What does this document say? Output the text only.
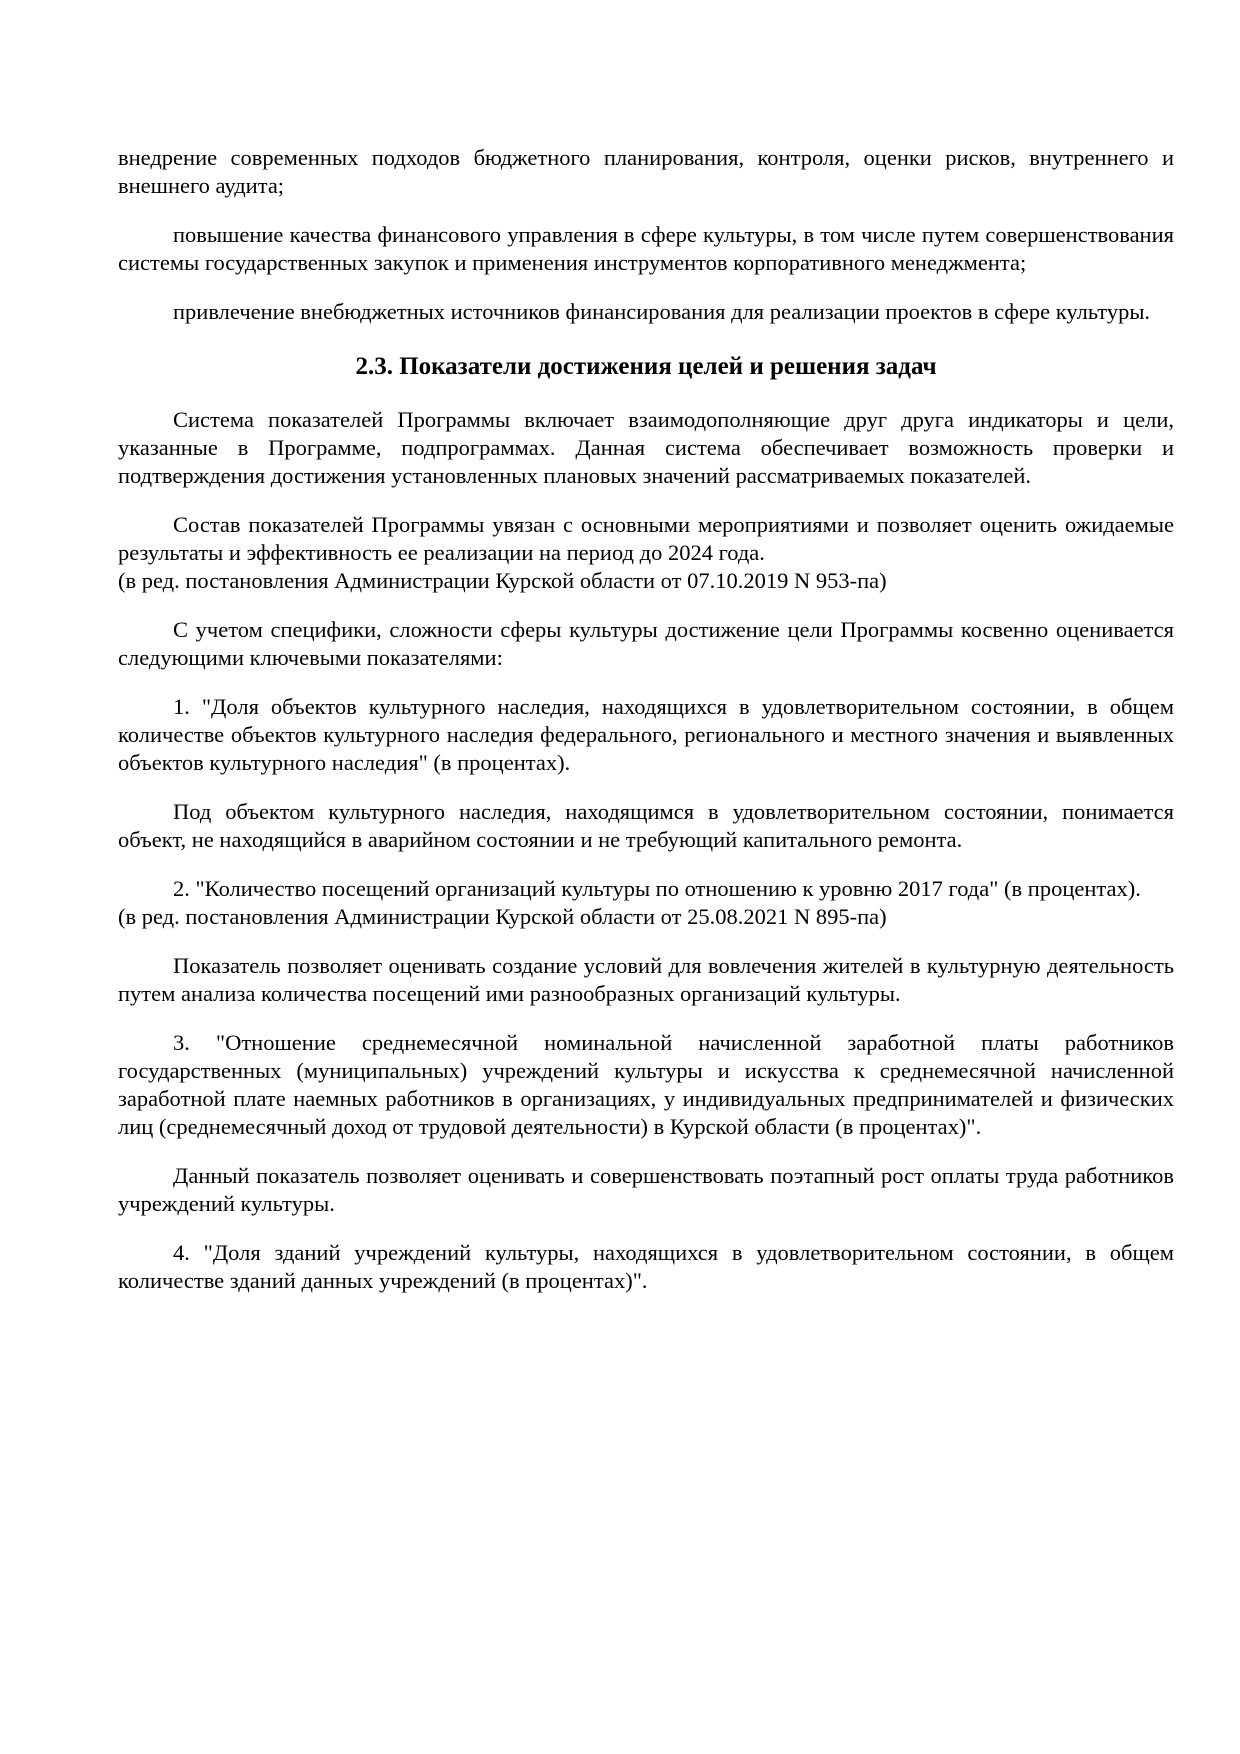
внедрение современных подходов бюджетного планирования, контроля, оценки рисков, внутреннего и внешнего аудита;

повышение качества финансового управления в сфере культуры, в том числе путем совершенствования системы государственных закупок и применения инструментов корпоративного менеджмента;

привлечение внебюджетных источников финансирования для реализации проектов в сфере культуры.

2.3. Показатели достижения целей и решения задач

Система показателей Программы включает взаимодополняющие друг друга индикаторы и цели, указанные в Программе, подпрограммах. Данная система обеспечивает возможность проверки и подтверждения достижения установленных плановых значений рассматриваемых показателей.

Состав показателей Программы увязан с основными мероприятиями и позволяет оценить ожидаемые результаты и эффективность ее реализации на период до 2024 года.

(в ред. постановления Администрации Курской области от 07.10.2019 N 953-па)

С учетом специфики, сложности сферы культуры достижение цели Программы косвенно оценивается следующими ключевыми показателями:

1. "Доля объектов культурного наследия, находящихся в удовлетворительном состоянии, в общем количестве объектов культурного наследия федерального, регионального и местного значения и выявленных объектов культурного наследия" (в процентах).

Под объектом культурного наследия, находящимся в удовлетворительном состоянии, понимается объект, не находящийся в аварийном состоянии и не требующий капитального ремонта.

2. "Количество посещений организаций культуры по отношению к уровню 2017 года" (в процентах).

(в ред. постановления Администрации Курской области от 25.08.2021 N 895-па)

Показатель позволяет оценивать создание условий для вовлечения жителей в культурную деятельность путем анализа количества посещений ими разнообразных организаций культуры.

3. "Отношение среднемесячной номинальной начисленной заработной платы работников государственных (муниципальных) учреждений культуры и искусства к среднемесячной начисленной заработной плате наемных работников в организациях, у индивидуальных предпринимателей и физических лиц (среднемесячный доход от трудовой деятельности) в Курской области (в процентах)".

Данный показатель позволяет оценивать и совершенствовать поэтапный рост оплаты труда работников учреждений культуры.

4. "Доля зданий учреждений культуры, находящихся в удовлетворительном состоянии, в общем количестве зданий данных учреждений (в процентах)".
